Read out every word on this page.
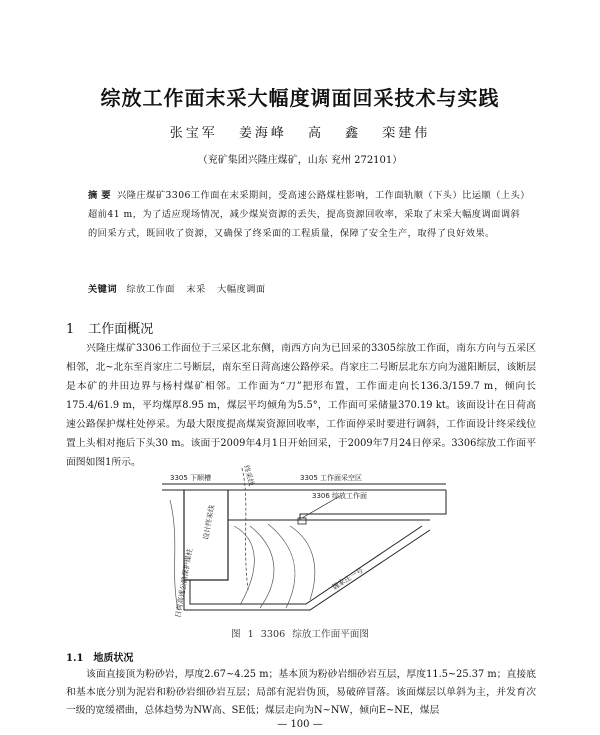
综放工作面末采大幅度调面回采技术与实践
张宝军 姜海峰 高 鑫 栾建伟
（兖矿集团兴隆庄煤矿，山东 兖州 272101）
摘 要 兴隆庄煤矿3306工作面在末采期间，受高速公路煤柱影响，工作面轨顺（下头）比运顺（上头）超前41 m，为了适应现场情况，减少煤炭资源的丢失，提高资源回收率，采取了末采大幅度调面调斜的回采方式，既回收了资源，又确保了终采面的工程质量，保障了安全生产，取得了良好效果。
关键词 综放工作面 末采 大幅度调面
1 工作面概况
兴隆庄煤矿3306工作面位于三采区北东侧，南西方向为已回采的3305综放工作面，南东方向与五采区相邻，北~北东至肖家庄二号断层，南东至日菏高速公路停采。肖家庄二号断层北东方向为滋阳断层，该断层是本矿的井田边界与杨村煤矿相邻。工作面为“刀”把形布置，工作面走向长136.3/159.7 m，倾向长175.4/61.9 m，平均煤厚8.95 m，煤层平均倾角为5.5°，工作面可采储量370.19 kt。该面设计在日荷高速公路保护煤柱处停采。为最大限度提高煤炭资源回收率，工作面停采时要进行调斜，工作面设计终采线位置上头相对拖后下头30 m。该面于2009年4月1日开始回采，于2009年7月24日停采。3306综放工作面平面图如图1所示。
3305 下顺槽	3305 工作面采空区
3306 综放工作面
终采线
设计终采线
日荷高速公路保护煤柱	魏家庄一号
图 1 3306 综放工作面平面图
1.1 地质状况
该面直接顶为粉砂岩，厚度2.67~4.25 m；基本顶为粉砂岩细砂岩互层，厚度11.5~25.37 m；直接底和基本底分别为泥岩和粉砂岩细砂岩互层；局部有泥岩伪顶，易破碎冒落。该面煤层以单斜为主，并发育次一级的宽缓褶曲，总体趋势为NW高、SE低；煤层走向为N~NW，倾向E~NE，煤层
— 100 —
